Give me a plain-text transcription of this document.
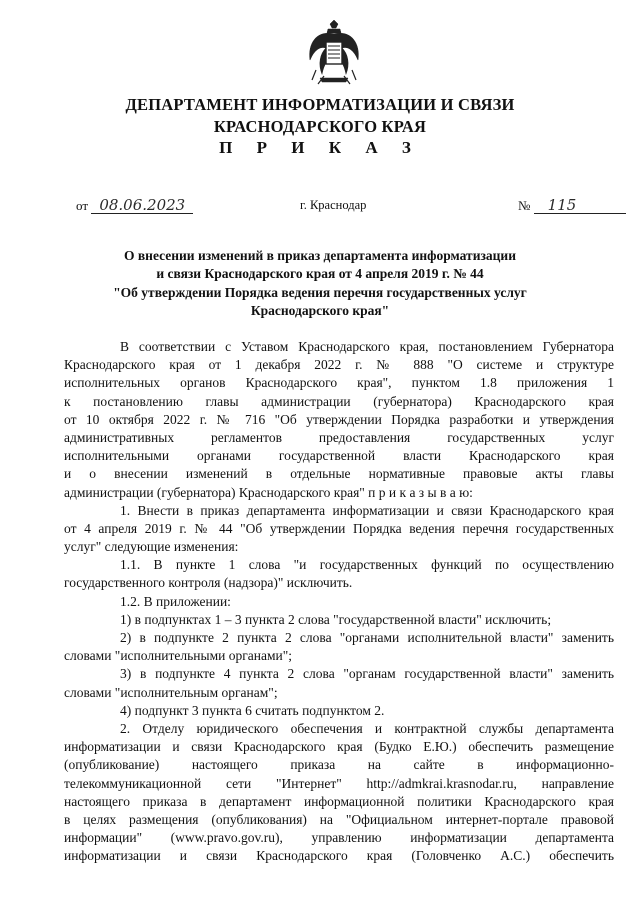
ДЕПАРТАМЕНТ ИНФОРМАТИЗАЦИИ И СВЯЗИ
КРАСНОДАРСКОГО КРАЯ
П Р И К А З
от 08.06.2023	г. Краснодар	№ 115
О внесении изменений в приказ департамента информатизации
и связи Краснодарского края от 4 апреля 2019 г. № 44
"Об утверждении Порядка ведения перечня государственных услуг
Краснодарского края"
В соответствии с Уставом Краснодарского края, постановлением Губернатора
Краснодарского края от 1 декабря 2022 г. № 888 "О системе и структуре
исполнительных органов Краснодарского края", пунктом 1.8 приложения 1
к постановлению главы администрации (губернатора) Краснодарского края
от 10 октября 2022 г. № 716 "Об утверждении Порядка разработки и утверждения
административных регламентов предоставления государственных услуг
исполнительными органами государственной власти Краснодарского края
и о внесении изменений в отдельные нормативные правовые акты главы
администрации (губернатора) Краснодарского края" п р и к а з ы в а ю:
1. Внести в приказ департамента информатизации и связи Краснодарского края
от 4 апреля 2019 г. № 44 "Об утверждении Порядка ведения перечня государственных
услуг" следующие изменения:
1.1. В пункте 1 слова "и государственных функций по осуществлению
государственного контроля (надзора)" исключить.
1.2. В приложении:
1) в подпунктах 1 – 3 пункта 2 слова "государственной власти" исключить;
2) в подпункте 2 пункта 2 слова "органами исполнительной власти" заменить
словами "исполнительными органами";
3) в подпункте 4 пункта 2 слова "органам государственной власти" заменить
словами "исполнительным органам";
4) подпункт 3 пункта 6 считать подпунктом 2.
2. Отделу юридического обеспечения и контрактной службы департамента
информатизации и связи Краснодарского края (Будко Е.Ю.) обеспечить размещение
(опубликование) настоящего приказа на сайте в информационно-
телекоммуникационной сети "Интернет" http://admkrai.krasnodar.ru, направление
настоящего приказа в департамент информационной политики Краснодарского края
в целях размещения (опубликования) на "Официальном интернет-портале правовой
информации" (www.pravo.gov.ru), управлению информатизации департамента
информатизации и связи Краснодарского края (Головченко А.С.) обеспечить
